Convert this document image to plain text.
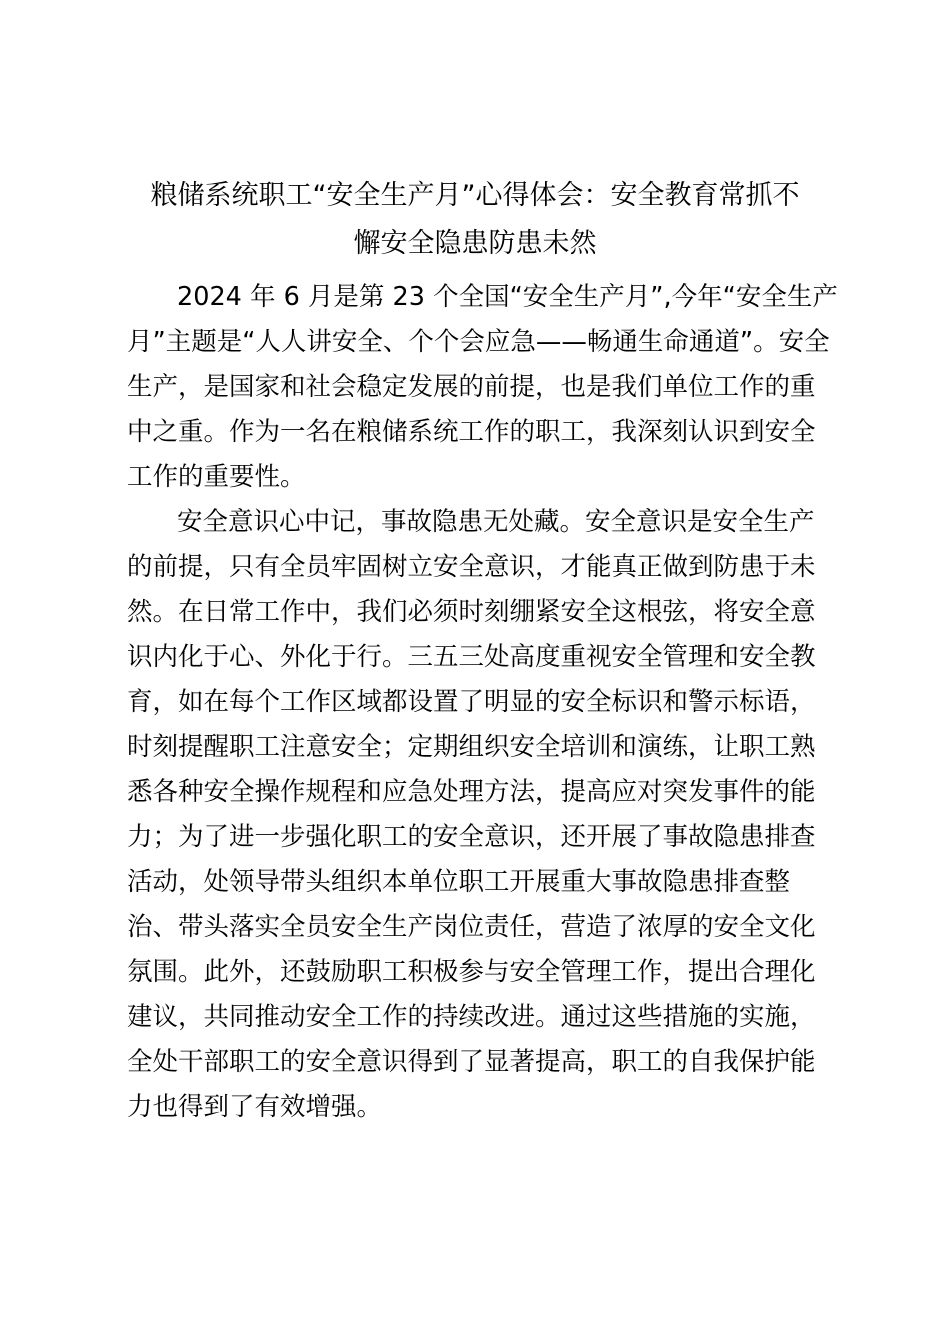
粮储系统职工“安全生产月”心得体会：安全教育常抓不
懈安全隐患防患未然
2024 年 6 月是第 23 个全国“安全生产月”,今年“安全生产
月”主题是“人人讲安全、个个会应急——畅通生命通道”。安全
生产，是国家和社会稳定发展的前提，也是我们单位工作的重
中之重。作为一名在粮储系统工作的职工，我深刻认识到安全
工作的重要性。
安全意识心中记，事故隐患无处藏。安全意识是安全生产
的前提，只有全员牢固树立安全意识，才能真正做到防患于未
然。在日常工作中，我们必须时刻绷紧安全这根弦，将安全意
识内化于心、外化于行。三五三处高度重视安全管理和安全教
育，如在每个工作区域都设置了明显的安全标识和警示标语，
时刻提醒职工注意安全；定期组织安全培训和演练，让职工熟
悉各种安全操作规程和应急处理方法，提高应对突发事件的能
力；为了进一步强化职工的安全意识，还开展了事故隐患排查
活动，处领导带头组织本单位职工开展重大事故隐患排查整
治、带头落实全员安全生产岗位责任，营造了浓厚的安全文化
氛围。此外，还鼓励职工积极参与安全管理工作，提出合理化
建议，共同推动安全工作的持续改进。通过这些措施的实施，
全处干部职工的安全意识得到了显著提高，职工的自我保护能
力也得到了有效增强。
